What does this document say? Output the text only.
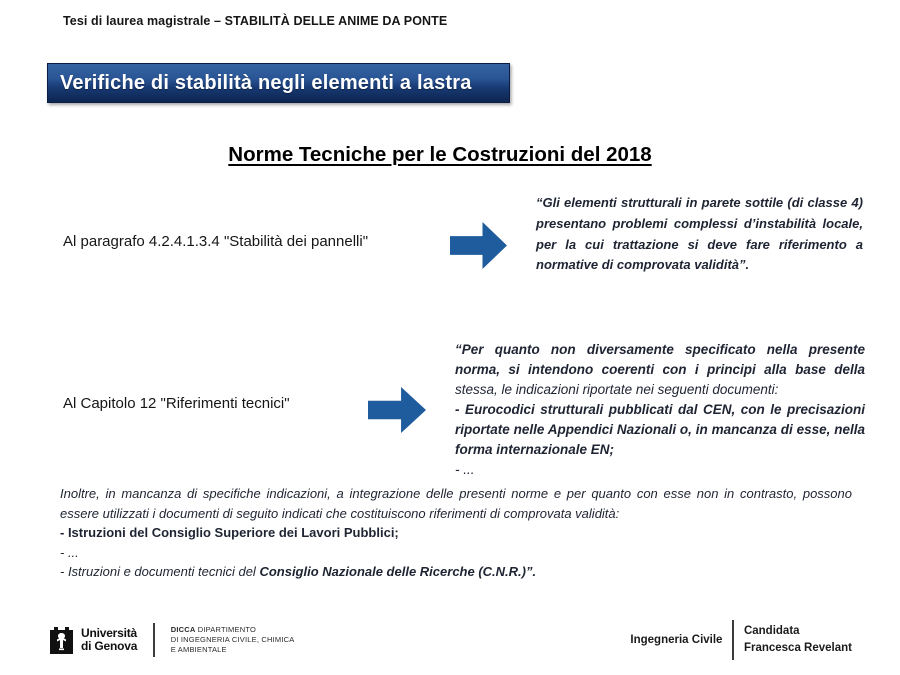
Tesi di laurea magistrale – STABILITÀ DELLE ANIME DA PONTE
Verifiche di stabilità negli elementi a lastra
Norme Tecniche per le Costruzioni del 2018
Al paragrafo 4.2.4.1.3.4 "Stabilità dei pannelli"
“Gli elementi strutturali in parete sottile (di classe 4) presentano problemi complessi d’instabilità locale, per la cui trattazione si deve fare riferimento a normative di comprovata validità”.
Al Capitolo 12 "Riferimenti tecnici"
“Per quanto non diversamente specificato nella presente norma, si intendono coerenti con i principi alla base della stessa, le indicazioni riportate nei seguenti documenti:
- Eurocodici strutturali pubblicati dal CEN, con le precisazioni riportate nelle Appendici Nazionali o, in mancanza di esse, nella forma internazionale EN;
- ...
Inoltre, in mancanza di specifiche indicazioni, a integrazione delle presenti norme e per quanto con esse non in contrasto, possono essere utilizzati i documenti di seguito indicati che costituiscono riferimenti di comprovata validità:
- Istruzioni del Consiglio Superiore dei Lavori Pubblici;
- ...
- Istruzioni e documenti tecnici del Consiglio Nazionale delle Ricerche (C.N.R.)”.
Università
di Genova
DICCA DIPARTIMENTO
DI INGEGNERIA CIVILE, CHIMICA
E AMBIENTALE
Ingegneria Civile
Candidata
Francesca Revelant
